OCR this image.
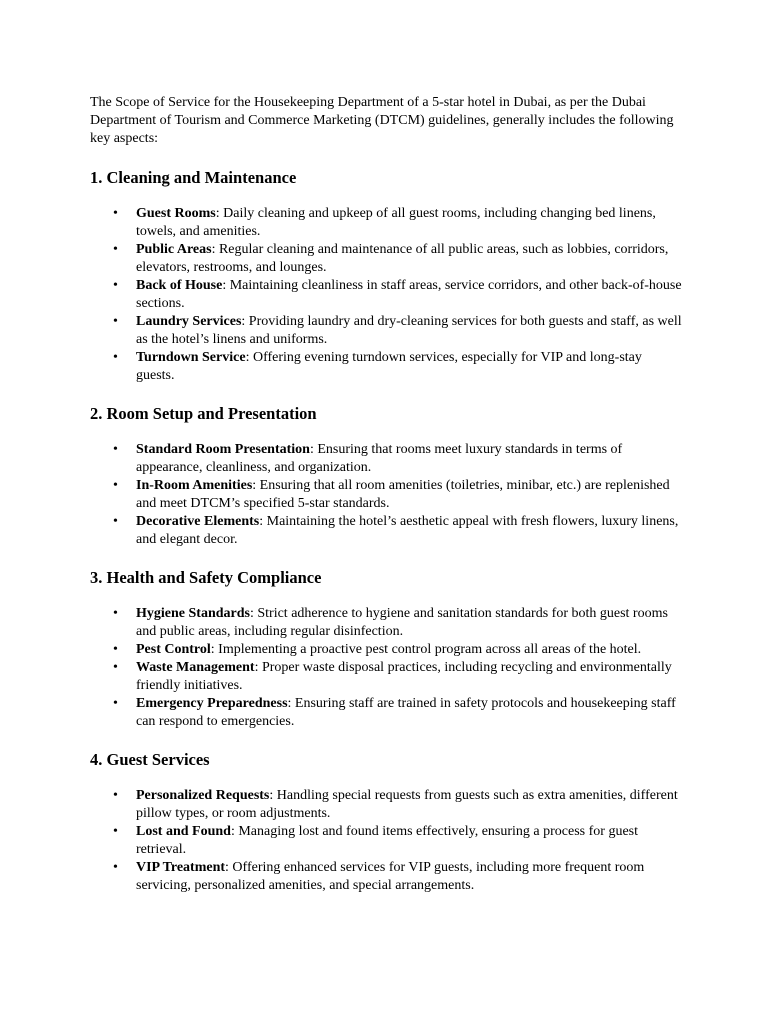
The Scope of Service for the Housekeeping Department of a 5-star hotel in Dubai, as per the Dubai Department of Tourism and Commerce Marketing (DTCM) guidelines, generally includes the following key aspects:

1. Cleaning and Maintenance
• Guest Rooms: Daily cleaning and upkeep of all guest rooms, including changing bed linens, towels, and amenities.
• Public Areas: Regular cleaning and maintenance of all public areas, such as lobbies, corridors, elevators, restrooms, and lounges.
• Back of House: Maintaining cleanliness in staff areas, service corridors, and other back-of-house sections.
• Laundry Services: Providing laundry and dry-cleaning services for both guests and staff, as well as the hotel’s linens and uniforms.
• Turndown Service: Offering evening turndown services, especially for VIP and long-stay guests.
2. Room Setup and Presentation
• Standard Room Presentation: Ensuring that rooms meet luxury standards in terms of appearance, cleanliness, and organization.
• In-Room Amenities: Ensuring that all room amenities (toiletries, minibar, etc.) are replenished and meet DTCM’s specified 5-star standards.
• Decorative Elements: Maintaining the hotel’s aesthetic appeal with fresh flowers, luxury linens, and elegant decor.
3. Health and Safety Compliance
• Hygiene Standards: Strict adherence to hygiene and sanitation standards for both guest rooms and public areas, including regular disinfection.
• Pest Control: Implementing a proactive pest control program across all areas of the hotel.
• Waste Management: Proper waste disposal practices, including recycling and environmentally friendly initiatives.
• Emergency Preparedness: Ensuring staff are trained in safety protocols and housekeeping staff can respond to emergencies.
4. Guest Services
• Personalized Requests: Handling special requests from guests such as extra amenities, different pillow types, or room adjustments.
• Lost and Found: Managing lost and found items effectively, ensuring a process for guest retrieval.
• VIP Treatment: Offering enhanced services for VIP guests, including more frequent room servicing, personalized amenities, and special arrangements.
